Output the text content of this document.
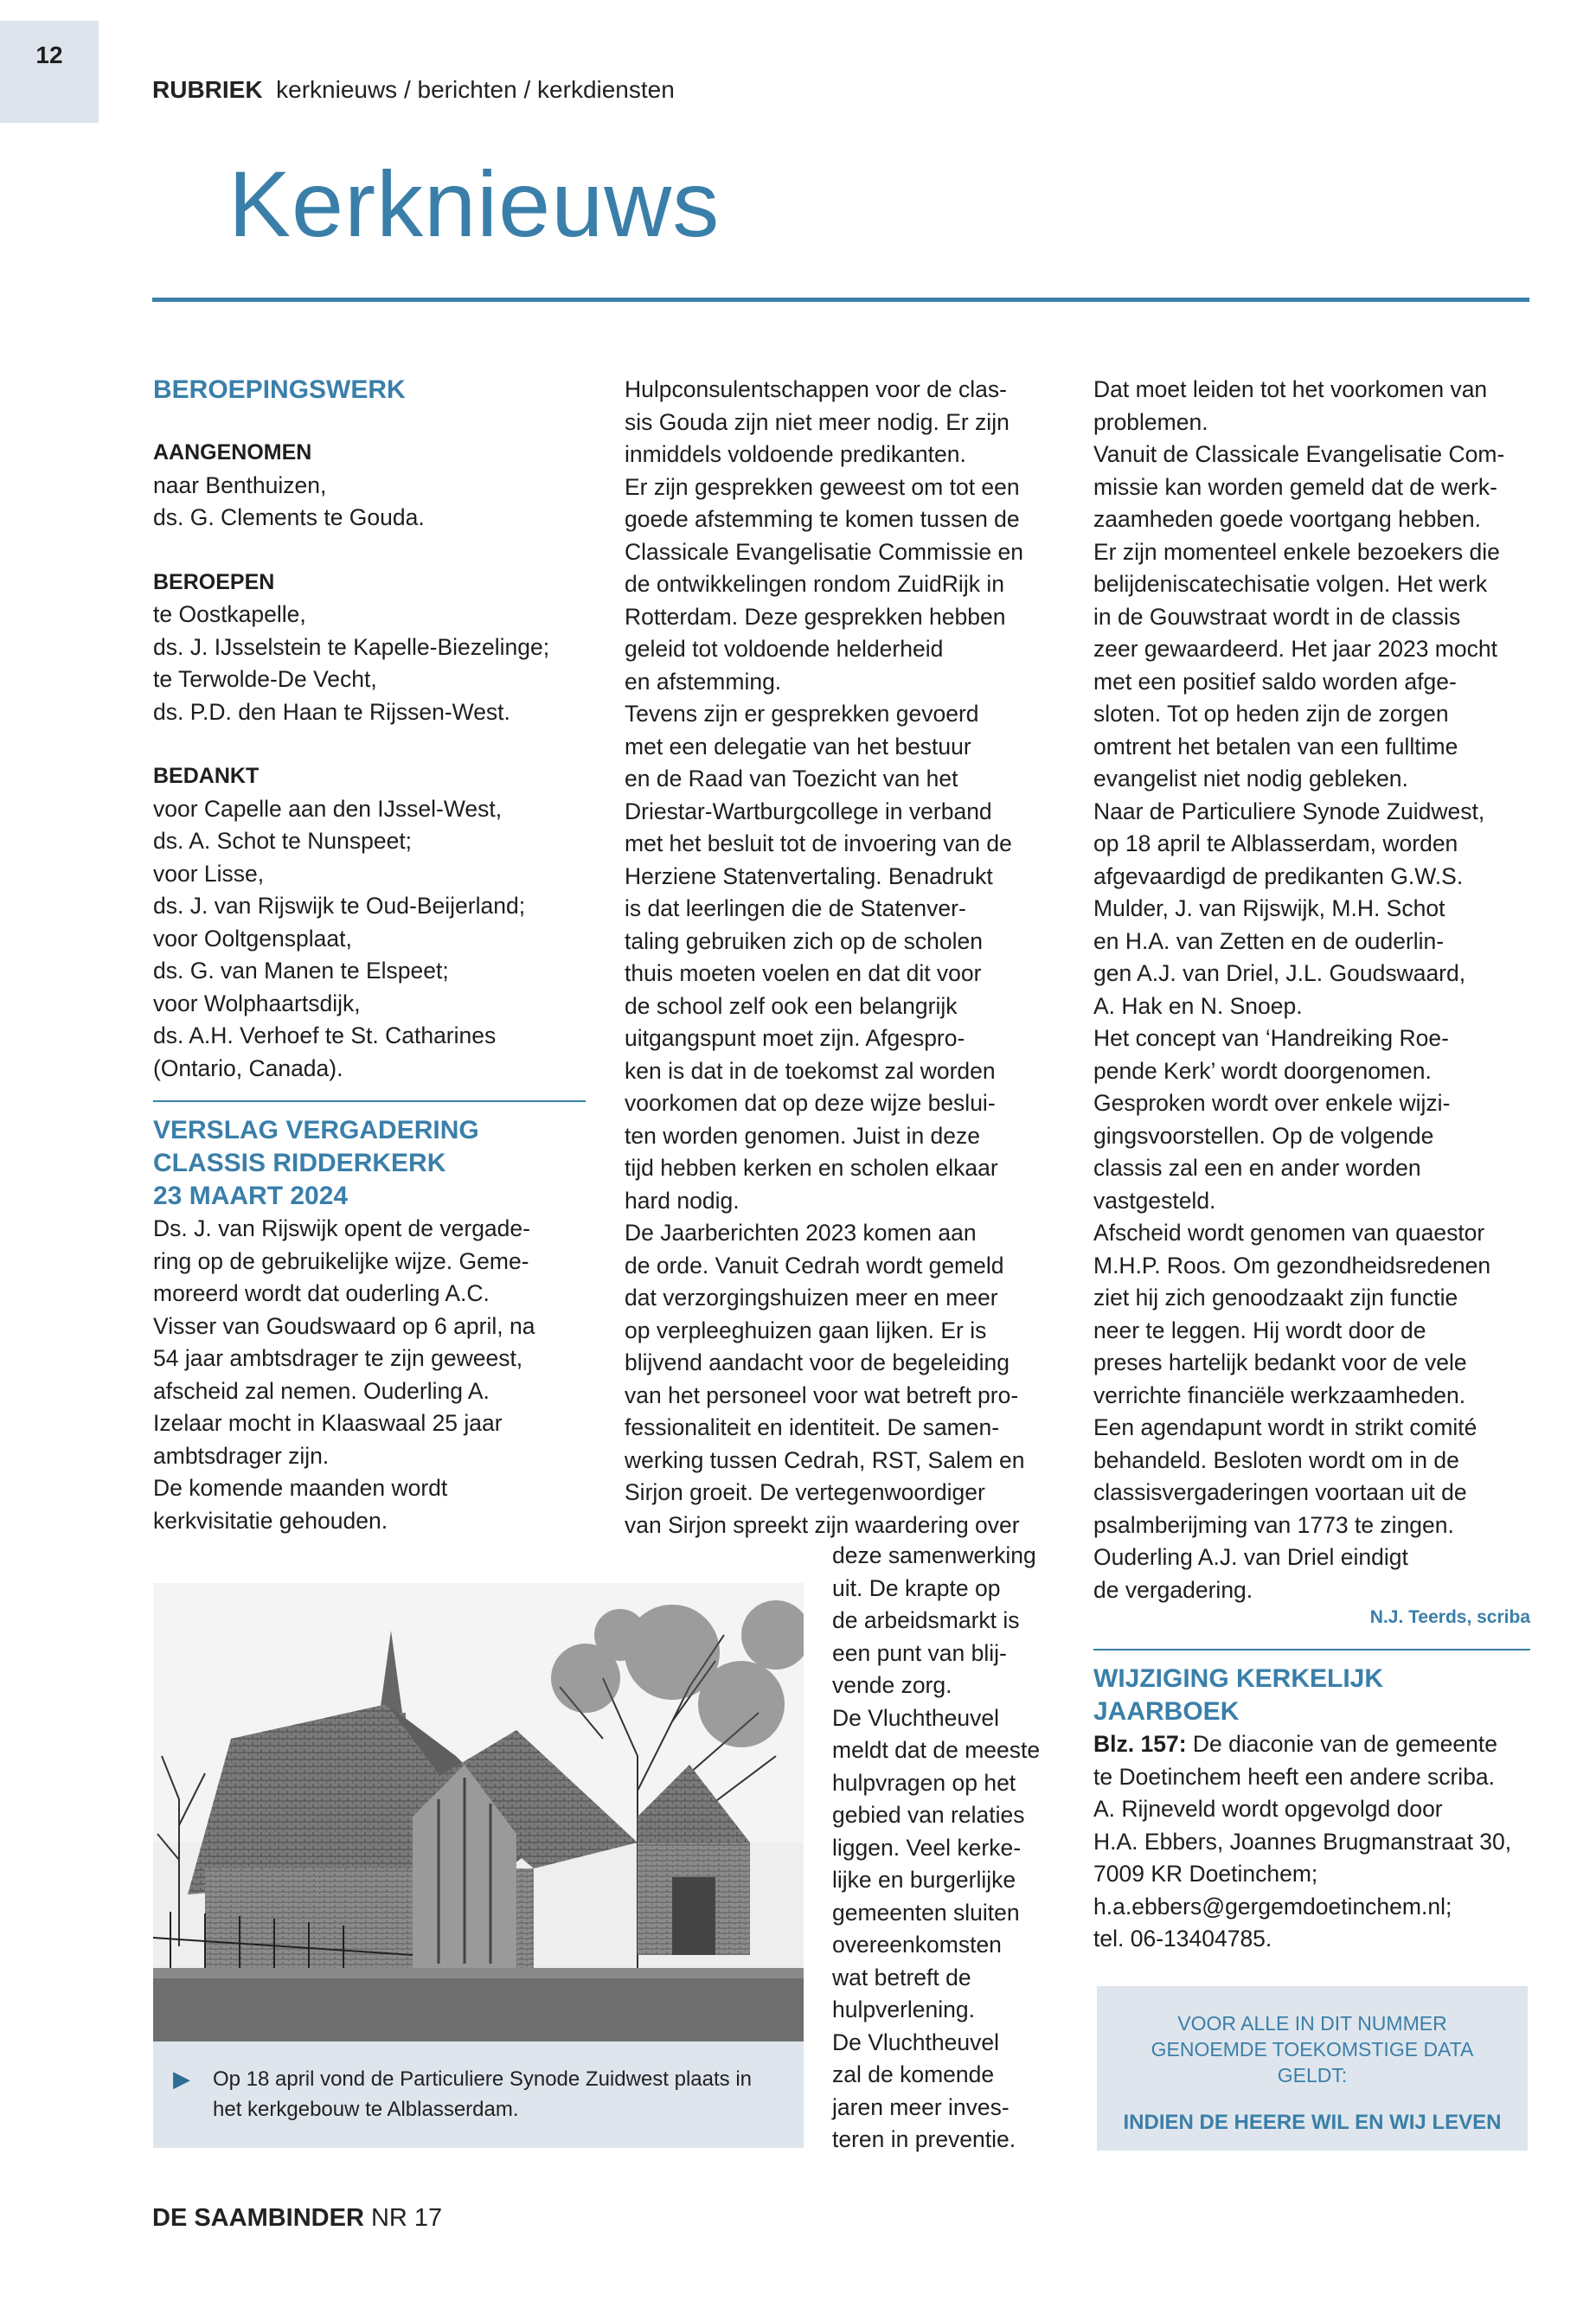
12
RUBRIEK kerknieuws / berichten / kerkdiensten
Kerknieuws

BEROEPINGSWERK

AANGENOMEN

naar Benthuizen,

ds. G. Clements te Gouda.

BEROEPEN

te Oostkapelle,

ds. J. IJsselstein te Kapelle-Biezelinge;

te Terwolde-De Vecht,

ds. P.D. den Haan te Rijssen-West.

BEDANKT

voor Capelle aan den IJssel-West,

ds. A. Schot te Nunspeet;

voor Lisse,

ds. J. van Rijswijk te Oud-Beijerland;

voor Ooltgensplaat,

ds. G. van Manen te Elspeet;

voor Wolphaartsdijk,

ds. A.H. Verhoef te St. Catharines

(Ontario, Canada).

VERSLAG VERGADERING

CLASSIS RIDDERKERK

23 MAART 2024

Ds. J. van Rijswijk opent de vergade-

ring op de gebruikelijke wijze. Geme-

moreerd wordt dat ouderling A.C.

Visser van Goudswaard op 6 april, na

54 jaar ambtsdrager te zijn geweest,

afscheid zal nemen. Ouderling A.

Izelaar mocht in Klaaswaal 25 jaar

ambtsdrager zijn.

De komende maanden wordt

kerkvisitatie gehouden.

▶ Op 18 april vond de Particuliere Synode Zuidwest plaats in het kerkgebouw te Alblasserdam.

Hulpconsulentschappen voor de clas-

sis Gouda zijn niet meer nodig. Er zijn

inmiddels voldoende predikanten.

Er zijn gesprekken geweest om tot een

goede afstemming te komen tussen de

Classicale Evangelisatie Commissie en

de ontwikkelingen rondom ZuidRijk in

Rotterdam. Deze gesprekken hebben

geleid tot voldoende helderheid

en afstemming.

Tevens zijn er gesprekken gevoerd

met een delegatie van het bestuur

en de Raad van Toezicht van het

Driestar-Wartburgcollege in verband

met het besluit tot de invoering van de

Herziene Statenvertaling. Benadrukt

is dat leerlingen die de Statenver-

taling gebruiken zich op de scholen

thuis moeten voelen en dat dit voor

de school zelf ook een belangrijk

uitgangspunt moet zijn. Afgespro-

ken is dat in de toekomst zal worden

voorkomen dat op deze wijze beslui-

ten worden genomen. Juist in deze

tijd hebben kerken en scholen elkaar

hard nodig.

De Jaarberichten 2023 komen aan

de orde. Vanuit Cedrah wordt gemeld

dat verzorgingshuizen meer en meer

op verpleeghuizen gaan lijken. Er is

blijvend aandacht voor de begeleiding

van het personeel voor wat betreft pro-

fessionaliteit en identiteit. De samen-

werking tussen Cedrah, RST, Salem en

Sirjon groeit. De vertegenwoordiger

van Sirjon spreekt zijn waardering over

deze samenwerking

uit. De krapte op

de arbeidsmarkt is

een punt van blij-

vende zorg.

De Vluchtheuvel

meldt dat de meeste

hulpvragen op het

gebied van relaties

liggen. Veel kerke-

lijke en burgerlijke

gemeenten sluiten

overeenkomsten

wat betreft de

hulpverlening.

De Vluchtheuvel

zal de komende

jaren meer inves-

teren in preventie.

Dat moet leiden tot het voorkomen van

problemen.

Vanuit de Classicale Evangelisatie Com-

missie kan worden gemeld dat de werk-

zaamheden goede voortgang hebben.

Er zijn momenteel enkele bezoekers die

belijdeniscatechisatie volgen. Het werk

in de Gouwstraat wordt in de classis

zeer gewaardeerd. Het jaar 2023 mocht

met een positief saldo worden afge-

sloten. Tot op heden zijn de zorgen

omtrent het betalen van een fulltime

evangelist niet nodig gebleken.

Naar de Particuliere Synode Zuidwest,

op 18 april te Alblasserdam, worden

afgevaardigd de predikanten G.W.S.

Mulder, J. van Rijswijk, M.H. Schot

en H.A. van Zetten en de ouderlin-

gen A.J. van Driel, J.L. Goudswaard,

A. Hak en N. Snoep.

Het concept van ‘Handreiking Roe-

pende Kerk’ wordt doorgenomen.

Gesproken wordt over enkele wijzi-

gingsvoorstellen. Op de volgende

classis zal een en ander worden

vastgesteld.

Afscheid wordt genomen van quaestor

M.H.P. Roos. Om gezondheidsredenen

ziet hij zich genoodzaakt zijn functie

neer te leggen. Hij wordt door de

preses hartelijk bedankt voor de vele

verrichte financiële werkzaamheden.

Een agendapunt wordt in strikt comité

behandeld. Besloten wordt om in de

classisvergaderingen voortaan uit de

psalmberijming van 1773 te zingen.

Ouderling A.J. van Driel eindigt

de vergadering.

N.J. Teerds, scriba

WIJZIGING KERKELIJK

JAARBOEK

Blz. 157: De diaconie van de gemeente

te Doetinchem heeft een andere scriba.

A. Rijneveld wordt opgevolgd door

H.A. Ebbers, Joannes Brugmanstraat 30,

7009 KR Doetinchem;

h.a.ebbers@gergemdoetinchem.nl;

tel. 06-13404785.

VOOR ALLE IN DIT NUMMER GENOEMDE TOEKOMSTIGE DATA GELDT:
INDIEN DE HEERE WIL EN WIJ LEVEN
DE SAAMBINDER NR 17
